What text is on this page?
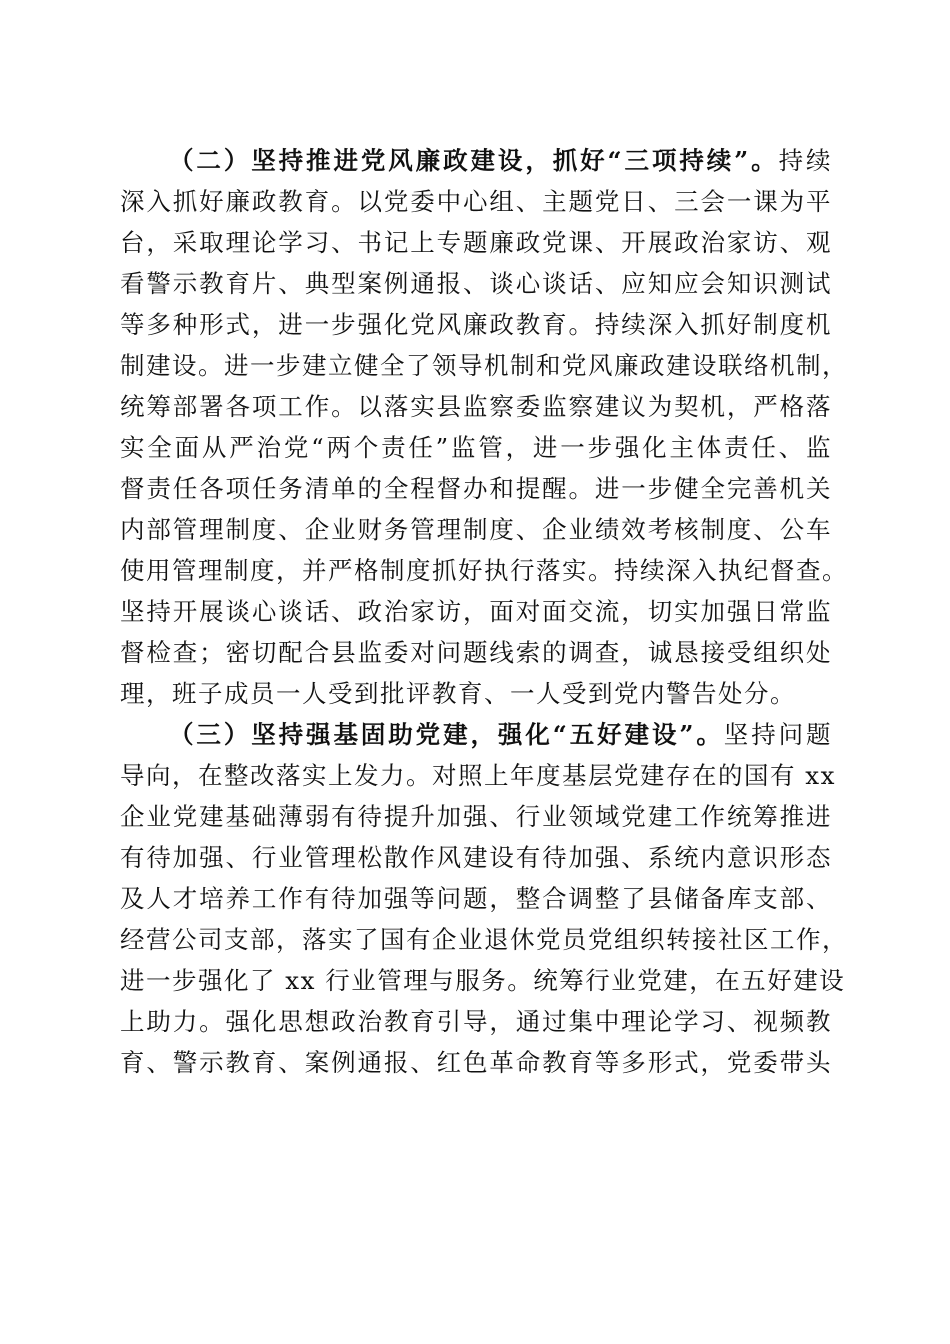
（二）坚持推进党风廉政建设，抓好“三项持续”。持续
深入抓好廉政教育。以党委中心组、主题党日、三会一课为平
台，采取理论学习、书记上专题廉政党课、开展政治家访、观
看警示教育片、典型案例通报、谈心谈话、应知应会知识测试
等多种形式，进一步强化党风廉政教育。持续深入抓好制度机
制建设。进一步建立健全了领导机制和党风廉政建设联络机制，
统筹部署各项工作。以落实县监察委监察建议为契机，严格落
实全面从严治党“两个责任”监管，进一步强化主体责任、监
督责任各项任务清单的全程督办和提醒。进一步健全完善机关
内部管理制度、企业财务管理制度、企业绩效考核制度、公车
使用管理制度，并严格制度抓好执行落实。持续深入执纪督查。
坚持开展谈心谈话、政治家访，面对面交流，切实加强日常监
督检查；密切配合县监委对问题线索的调查，诚恳接受组织处
理，班子成员一人受到批评教育、一人受到党内警告处分。
（三）坚持强基固助党建，强化“五好建设”。坚持问题
导向，在整改落实上发力。对照上年度基层党建存在的国有 xx
企业党建基础薄弱有待提升加强、行业领域党建工作统筹推进
有待加强、行业管理松散作风建设有待加强、系统内意识形态
及人才培养工作有待加强等问题，整合调整了县储备库支部、
经营公司支部，落实了国有企业退休党员党组织转接社区工作，
进一步强化了 xx 行业管理与服务。统筹行业党建，在五好建设
上助力。强化思想政治教育引导，通过集中理论学习、视频教
育、警示教育、案例通报、红色革命教育等多形式，党委带头
